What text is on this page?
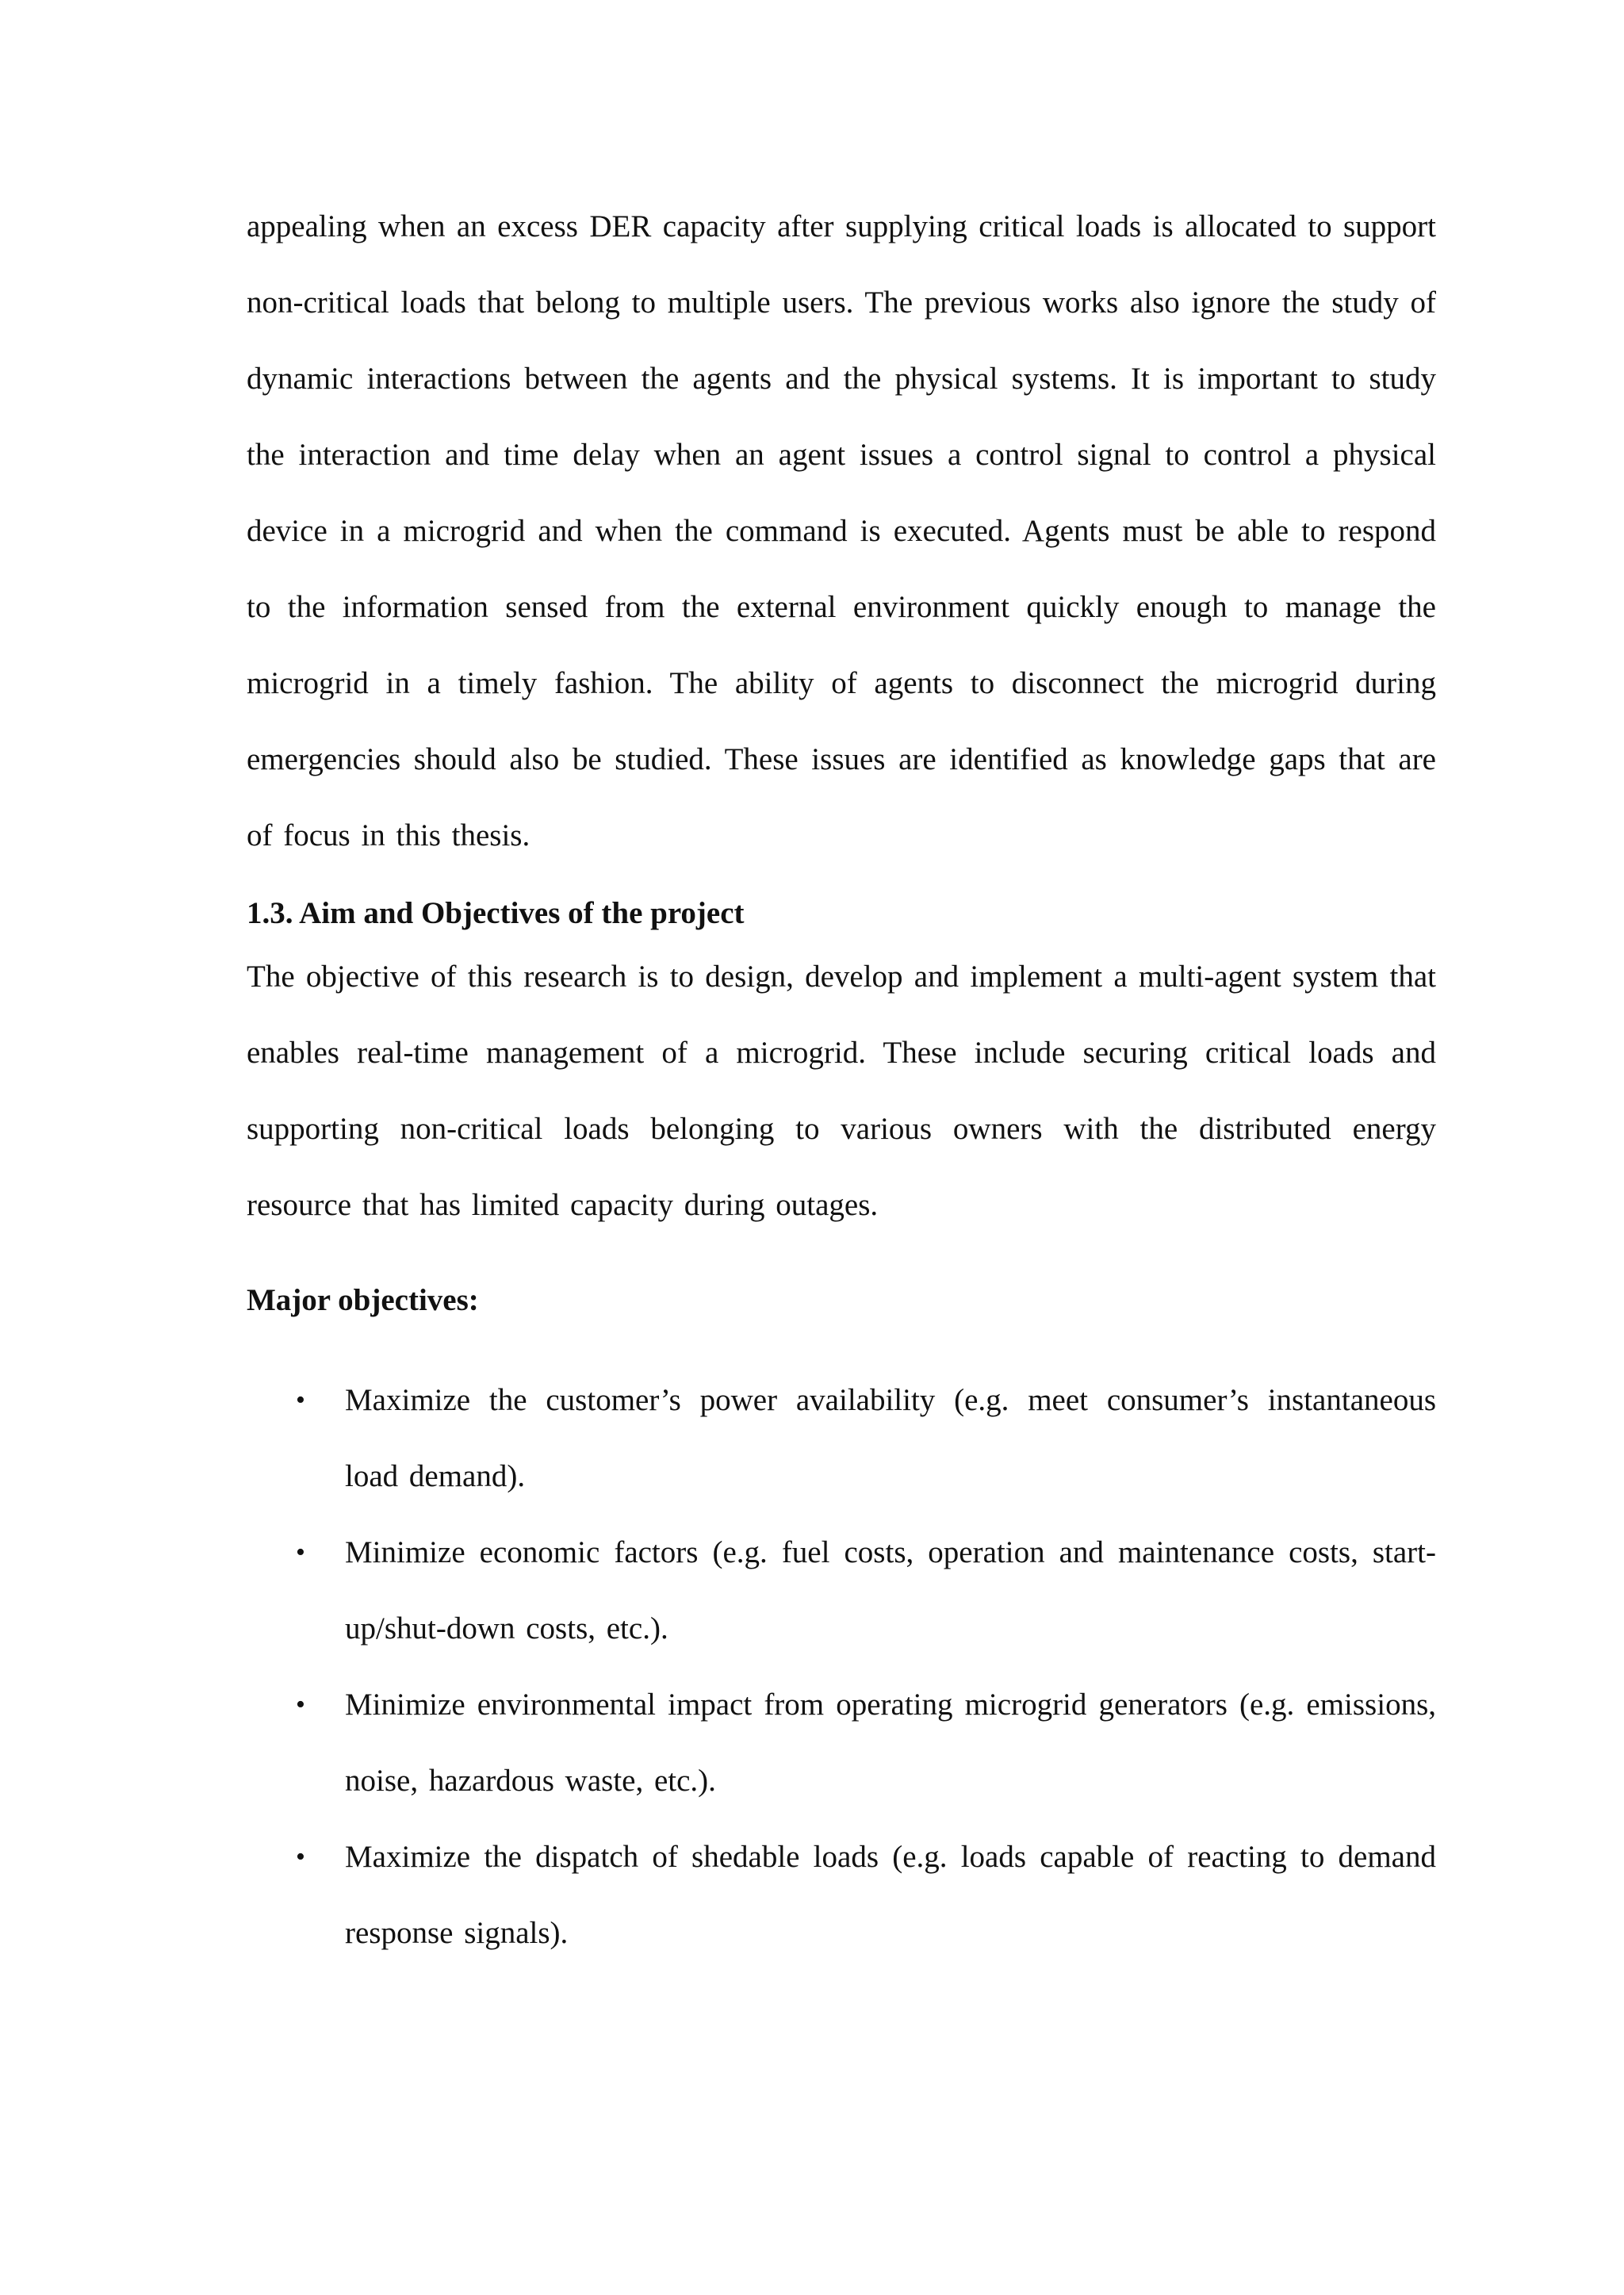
appealing when an excess DER capacity after supplying critical loads is allocated to support non-critical loads that belong to multiple users. The previous works also ignore the study of dynamic interactions between the agents and the physical systems. It is important to study the interaction and time delay when an agent issues a control signal to control a physical device in a microgrid and when the command is executed. Agents must be able to respond to the information sensed from the external environment quickly enough to manage the microgrid in a timely fashion. The ability of agents to disconnect the microgrid during emergencies should also be studied. These issues are identified as knowledge gaps that are of focus in this thesis.

1.3. Aim and Objectives of the project

The objective of this research is to design, develop and implement a multi-agent system that enables real-time management of a microgrid. These include securing critical loads and supporting non-critical loads belonging to various owners with the distributed energy resource that has limited capacity during outages.

Major objectives:
• Maximize the customer’s power availability (e.g. meet consumer’s instantaneous load demand).
• Minimize economic factors (e.g. fuel costs, operation and maintenance costs, start-up/shut-down costs, etc.).
• Minimize environmental impact from operating microgrid generators (e.g. emissions, noise, hazardous waste, etc.).
• Maximize the dispatch of shedable loads (e.g. loads capable of reacting to demand response signals).
